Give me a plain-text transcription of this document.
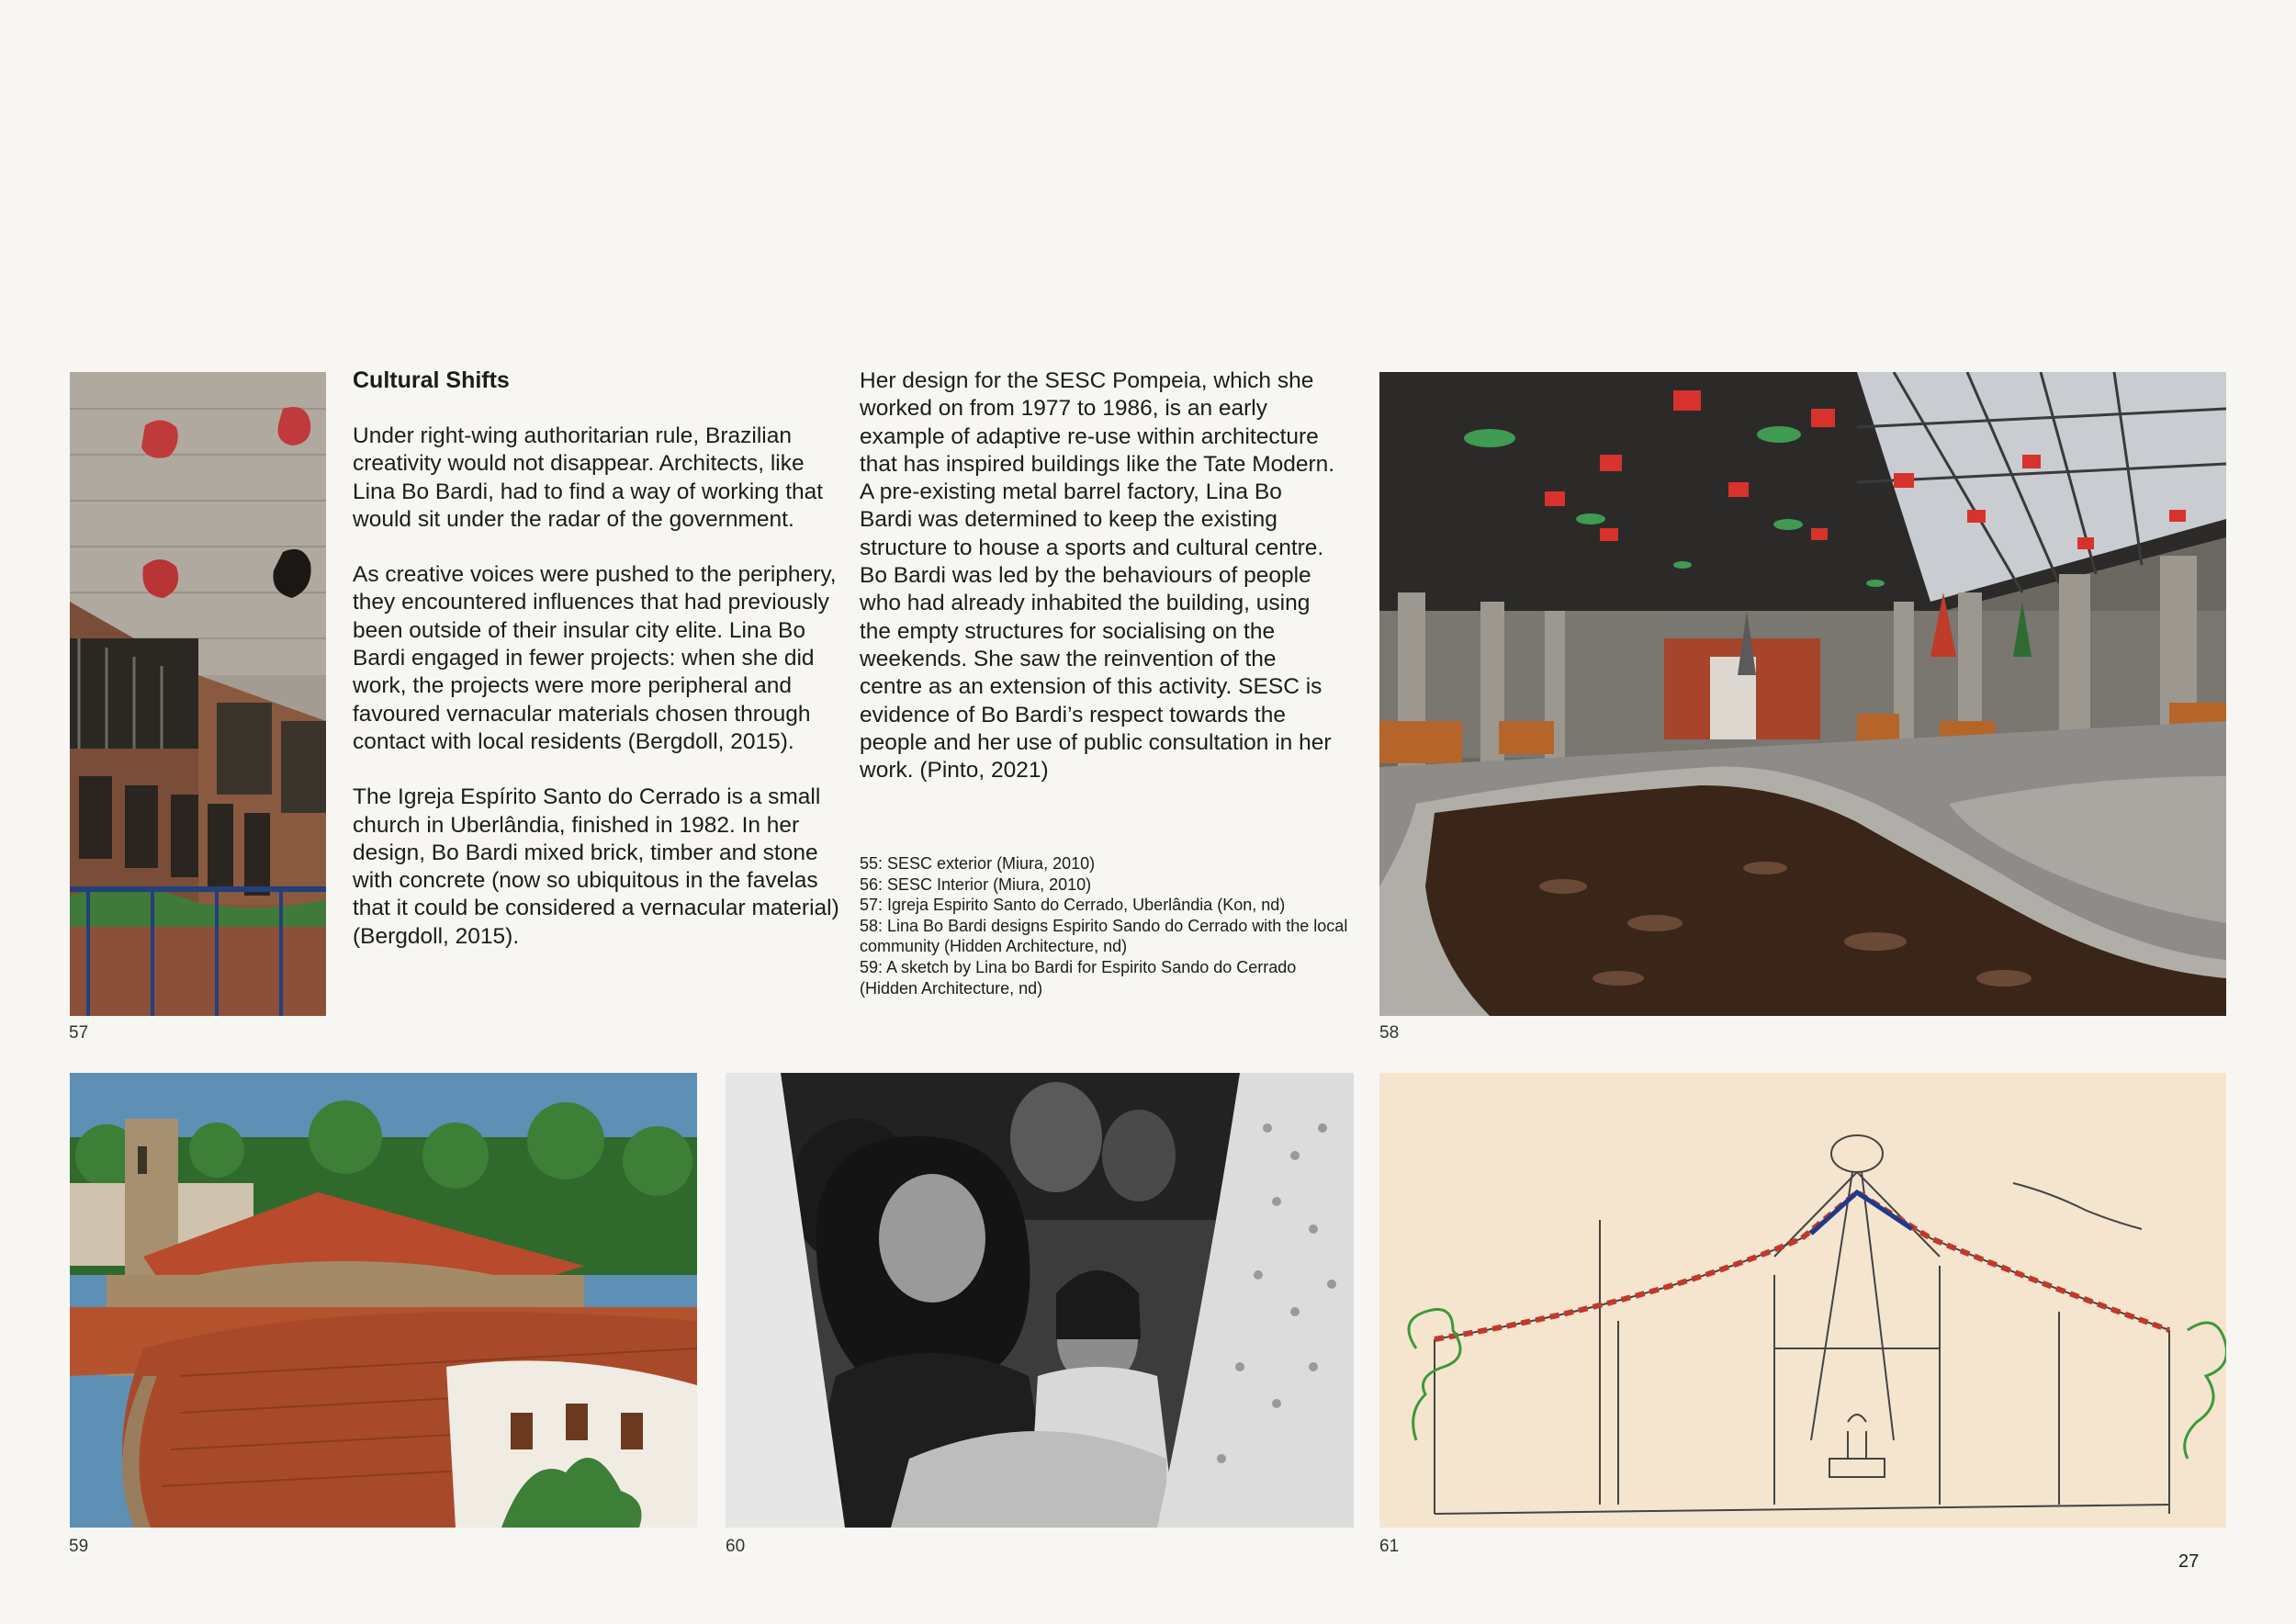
57
Cultural Shifts

Under right-wing authoritarian rule, Brazilian creativity would not disappear. Architects, like Lina Bo Bardi, had to find a way of working that would sit under the radar of the government.

As creative voices were pushed to the periphery, they encountered influences that had previously been outside of their insular city elite. Lina Bo Bardi engaged in fewer projects: when she did work, the projects were more peripheral and favoured vernacular materials chosen through contact with local residents (Bergdoll, 2015).

The Igreja Espírito Santo do Cerrado is a small church in Uberlândia, finished in 1982. In her design, Bo Bardi mixed brick, timber and stone with concrete (now so ubiquitous in the favelas that it could be considered a vernacular material) (Bergdoll, 2015).

Her design for the SESC Pompeia, which she worked on from 1977 to 1986, is an early example of adaptive re-use within architecture that has inspired buildings like the Tate Modern. A pre-existing metal barrel factory, Lina Bo Bardi was determined to keep the existing structure to house a sports and cultural centre. Bo Bardi was led by the behaviours of people who had already inhabited the building, using the empty structures for socialising on the weekends. She saw the reinvention of the centre as an extension of this activity. SESC is evidence of Bo Bardi’s respect towards the people and her use of public consultation in her work. (Pinto, 2021)

55: SESC exterior (Miura, 2010)
56: SESC Interior (Miura, 2010)
57: Igreja Espirito Santo do Cerrado, Uberlândia (Kon, nd)
58: Lina Bo Bardi designs Espirito Sando do Cerrado with the local community (Hidden Architecture, nd)
59: A sketch by Lina bo Bardi for Espirito Sando do Cerrado (Hidden Architecture, nd)
58
59	60	61
27
